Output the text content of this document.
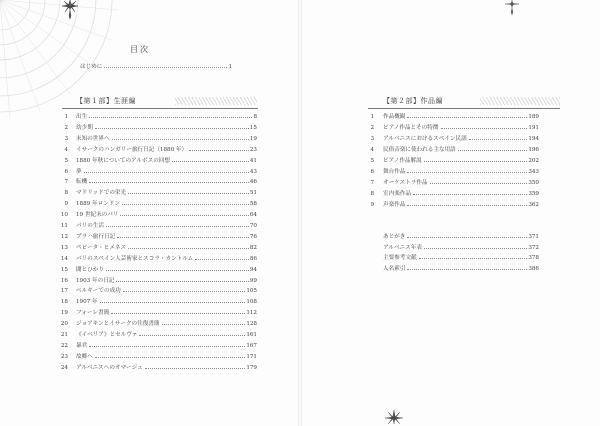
目次
はじめに	1
【第１部】生涯編
1 出生	8
2 幼少期	15
3 未知の世界へ	19
4 イサークのハンガリー旅行日記（1880 年）	23
5 1880 年秋についてのアルボスの回想	41
6 夢	43
7 転機	46
8 マドリッドでの栄光	51
9 1889 年ロンドン	58
10 19 世紀末のパリ	64
11 パリの生活	70
12 プラハ旅行日記	76
13 ペピータ・ヒメネス	82
14 パリのスペイン人芸術家とスコラ・カントルム	86
15 闇とひかり	94
16 1903 年の日記	99
17 ベルギーでの成功	105
18 1907 年	108
19 フォーレ書簡	112
20 ジョアキンとイサークの往復書簡	128
21 《イベリア》とセルヴァ	161
22 暴君	167
23 故郷へ	171
24 アルベニスへのオマージュ	179
【第２部】作品編
1 作品概観	189
2 ピアノ作品とその特徴	191
3 アルベニスにおけるスペイン民謡	194
4 民俗音楽に使われる主な用語	196
5 ピアノ作品解説	202
6 舞台作品	343
7 オーケストラ作品	350
8 室内楽作品	359
9 声楽作品	362
あとがき	371
アルベニス年表	372
主要参考文献	378
人名索引	386
